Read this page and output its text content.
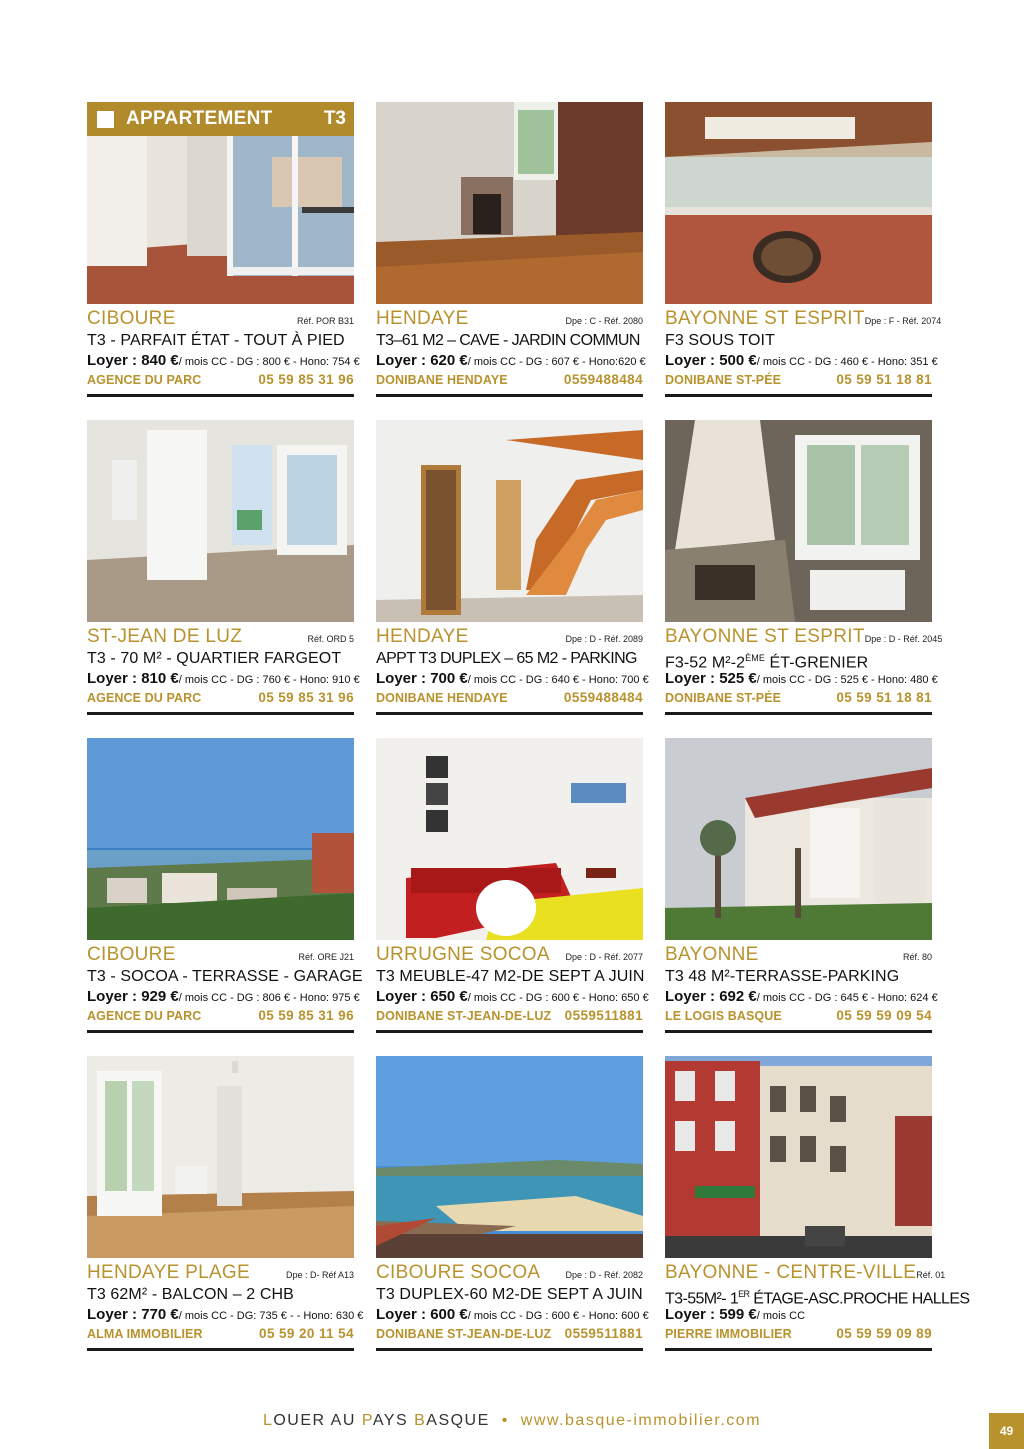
APPARTEMENT	T3
CIBOURE	Réf. POR B31
T3 - PARFAIT ÉTAT - TOUT À PIED
Loyer : 840 €/ mois CC - DG : 800 € - Hono: 754 €
AGENCE DU PARC	05 59 85 31 96
HENDAYE	Dpe : C - Réf. 2080
T3–61 M2 – CAVE - JARDIN COMMUN
Loyer : 620 €/ mois CC - DG : 607 € - Hono:620 €
DONIBANE HENDAYE	0559488484
BAYONNE ST ESPRIT Dpe : F - Réf. 2074
F3 SOUS TOIT
Loyer : 500 €/ mois CC - DG : 460 € - Hono: 351 €
DONIBANE ST-PÉE	05 59 51 18 81
ST-JEAN DE LUZ	Réf. ORD 5
T3 - 70 M² - QUARTIER FARGEOT
Loyer : 810 €/ mois CC - DG : 760 € - Hono: 910 €
AGENCE DU PARC	05 59 85 31 96
HENDAYE	Dpe : D - Réf. 2089
APPT T3 DUPLEX – 65 M2 - PARKING
Loyer : 700 €/ mois CC - DG : 640 € - Hono: 700 €
DONIBANE HENDAYE	0559488484
BAYONNE ST ESPRIT Dpe : D - Réf. 2045
F3-52 M²-2ÈME ÉT-GRENIER
Loyer : 525 €/ mois CC - DG : 525 € - Hono: 480 €
DONIBANE ST-PÉE	05 59 51 18 81
CIBOURE	Réf. ORE J21
T3 - SOCOA - TERRASSE - GARAGE
Loyer : 929 €/ mois CC - DG : 806 € - Hono: 975 €
AGENCE DU PARC	05 59 85 31 96
URRUGNE SOCOA Dpe : D - Réf. 2077
T3 MEUBLE-47 M2-DE SEPT A JUIN
Loyer : 650 €/ mois CC - DG : 600 € - Hono: 650 €
DONIBANE ST-JEAN-DE-LUZ 0559511881
BAYONNE	Réf. 80
T3 48 M²-TERRASSE-PARKING
Loyer : 692 €/ mois CC - DG : 645 € - Hono: 624 €
LE LOGIS BASQUE	05 59 59 09 54
HENDAYE PLAGE	Dpe : D- Réf A13
T3 62M² - BALCON – 2 CHB
Loyer : 770 €/ mois CC - DG: 735 € - - Hono: 630 €
ALMA IMMOBILIER	05 59 20 11 54
CIBOURE SOCOA	Dpe : D - Réf. 2082
T3 DUPLEX-60 M2-DE SEPT A JUIN
Loyer : 600 €/ mois CC - DG : 600 € - Hono: 600 €
DONIBANE ST-JEAN-DE-LUZ 0559511881
BAYONNE - CENTRE-VILLE Réf. 01
T3-55M²- 1ER ÉTAGE-ASC.PROCHE HALLES
Loyer : 599 €/ mois CC
PIERRE IMMOBILIER	05 59 59 09 89
LOUER AU PAYS BASQUE • www.basque-immobilier.com
49
